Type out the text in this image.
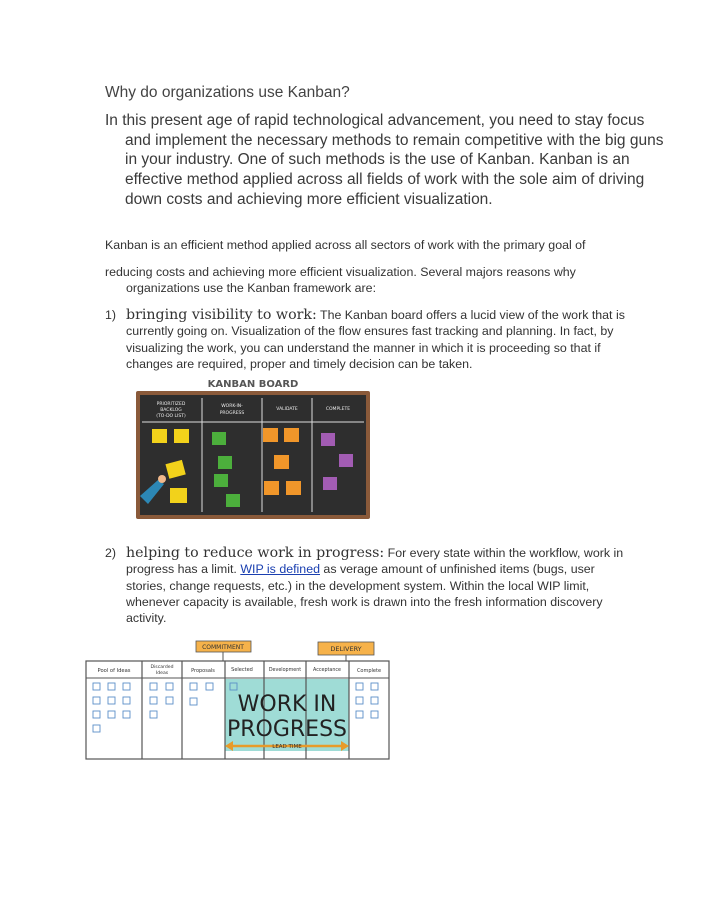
Why do organizations use Kanban?
In this present age of rapid technological advancement, you need to stay focus and implement the necessary methods to remain competitive with the big guns in your industry. One of such methods is the use of Kanban. Kanban is an effective method applied across all fields of work with the sole aim of driving down costs and achieving more efficient visualization.
Kanban is an efficient method applied across all sectors of work with the primary goal of
reducing costs and achieving more efficient visualization. Several majors reasons why organizations use the Kanban framework are:
1) bringing visibility to work: The Kanban board offers a lucid view of the work that is currently going on. Visualization of the flow ensures fast tracking and planning. In fact, by visualizing the work, you can understand the manner in which it is proceeding so that if changes are required, proper and timely decision can be taken.
KANBAN BOARD
PRIORITIZED
BACKLOG
(TO-DO LIST)
WORK-IN-
PROGRESS
VALIDATE	COMPLETE
2) helping to reduce work in progress: For every state within the workflow, work in progress has a limit. WIP is defined as verage amount of unfinished items (bugs, user stories, change requests, etc.) in the development system. Within the local WIP limit, whenever capacity is available, fresh work is drawn into the fresh information discovery activity.
COMMITMENT	DELIVERY
Pool of Ideas
Discarded
Ideas	Proposals	Selected	Development Acceptance	Complete
WORK IN
PROGRESS
LEAD TIME
